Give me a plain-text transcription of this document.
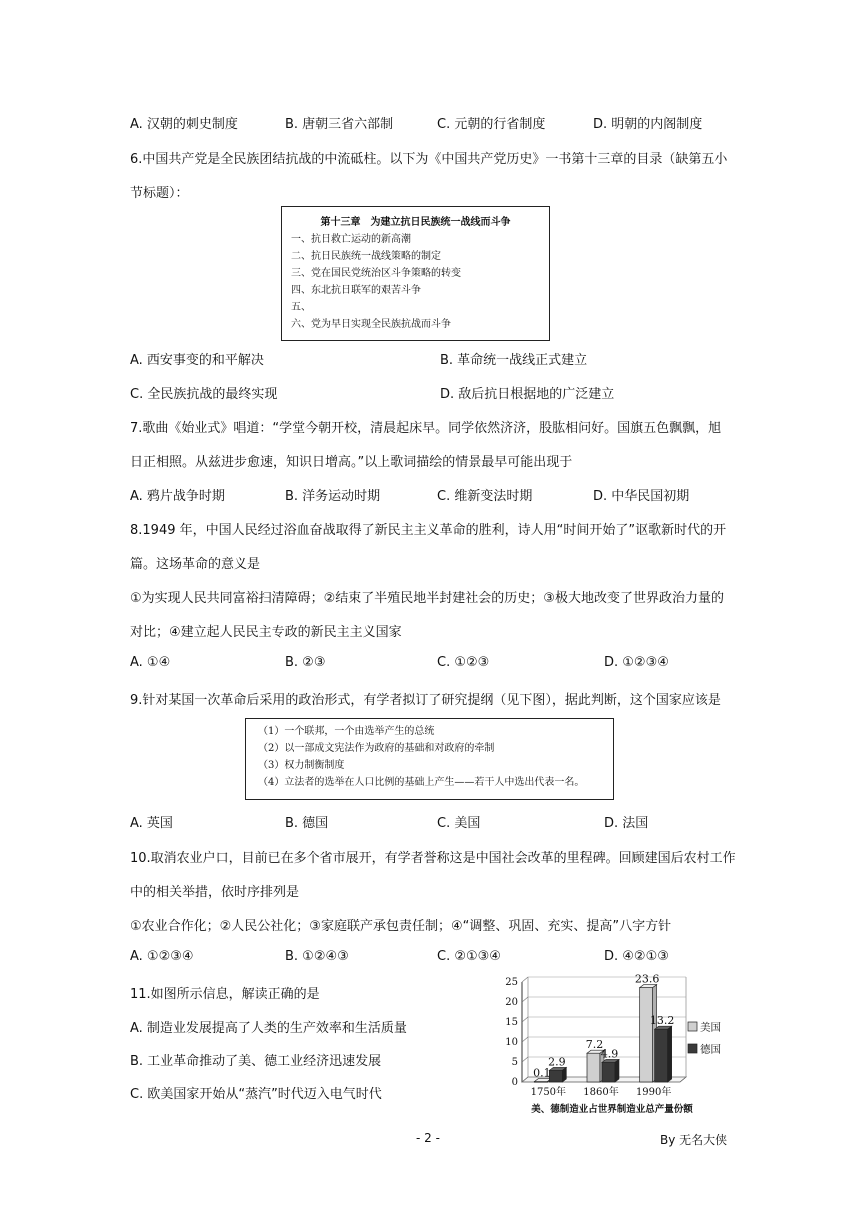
A. 汉朝的刺史制度	B. 唐朝三省六部制	C. 元朝的行省制度	D. 明朝的内阁制度
6.中国共产党是全民族团结抗战的中流砥柱。以下为《中国共产党历史》一书第十三章的目录（缺第五小
节标题）：
第十三章　为建立抗日民族统一战线而斗争
一、抗日救亡运动的新高潮
二、抗日民族统一战线策略的制定
三、党在国民党统治区斗争策略的转变
四、东北抗日联军的艰苦斗争
五、
六、党为早日实现全民族抗战而斗争
A. 西安事变的和平解决	B. 革命统一战线正式建立
C. 全民族抗战的最终实现	D. 敌后抗日根据地的广泛建立
7.歌曲《始业式》唱道：“学堂今朝开校，清晨起床早。同学依然济济，股肱相问好。国旗五色飘飘，旭
日正相照。从兹进步愈速，知识日增高。”以上歌词描绘的情景最早可能出现于
A. 鸦片战争时期	B. 洋务运动时期	C. 维新变法时期	D. 中华民国初期
8.1949 年，中国人民经过浴血奋战取得了新民主主义革命的胜利，诗人用“时间开始了”讴歌新时代的开
篇。这场革命的意义是
①为实现人民共同富裕扫清障碍；②结束了半殖民地半封建社会的历史；③极大地改变了世界政治力量的
对比；④建立起人民民主专政的新民主主义国家
A. ①④	B. ②③	C. ①②③	D. ①②③④
9.针对某国一次革命后采用的政治形式，有学者拟订了研究提纲（见下图），据此判断，这个国家应该是
（1）一个联邦，一个由选举产生的总统
（2）以一部成文宪法作为政府的基础和对政府的牵制
（3）权力制衡制度
（4）立法者的选举在人口比例的基础上产生——若干人中选出代表一名。
A. 英国	B. 德国	C. 美国	D. 法国
10.取消农业户口，目前已在多个省市展开，有学者誉称这是中国社会改革的里程碑。回顾建国后农村工作
中的相关举措，依时序排列是
①农业合作化；②人民公社化；③家庭联产承包责任制；④“调整、巩固、充实、提高”八字方针
A. ①②③④	B. ①②④③	C. ②①③④	D. ④②①③
11.如图所示信息，解读正确的是
A. 制造业发展提高了人类的生产效率和生活质量
B. 工业革命推动了美、德工业经济迅速发展
C. 欧美国家开始从“蒸汽”时代迈入电气时代
0
5
10
15
20
25
0.1
2.9
1750年
7.2
4.9
1860年
23.6
13.2
1990年
美国
德国
美、德制造业占世界制造业总产量份额
- 2 -	By 无名大侠
